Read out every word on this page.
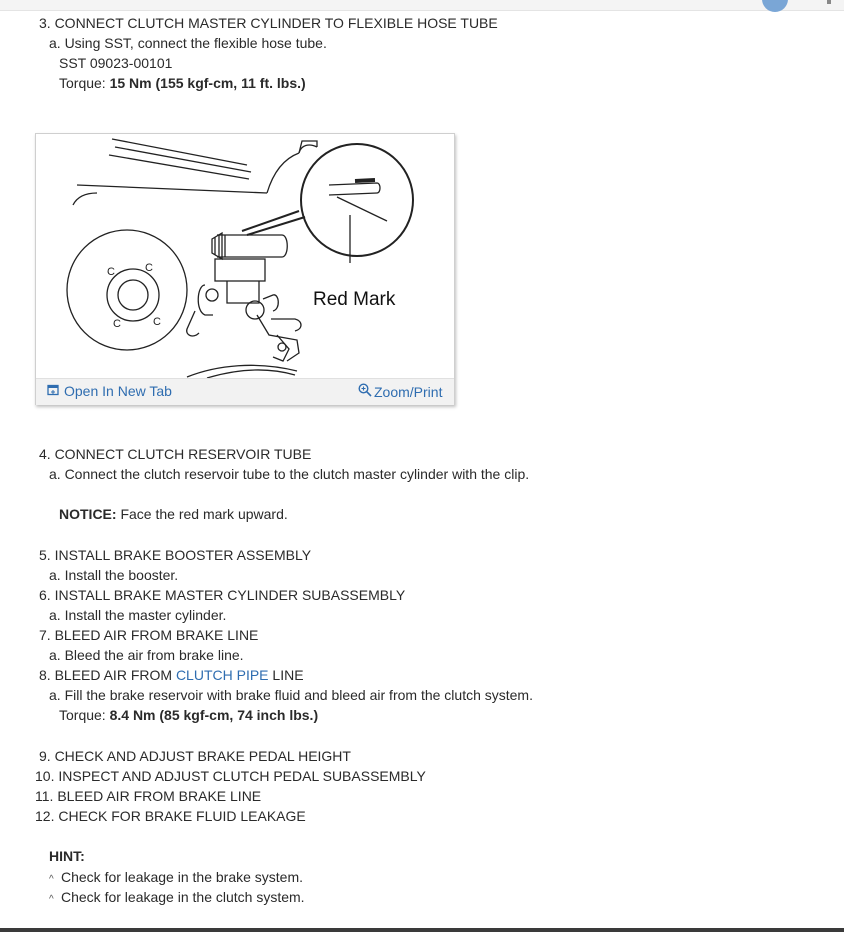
3. CONNECT CLUTCH MASTER CYLINDER TO FLEXIBLE HOSE TUBE
a. Using SST, connect the flexible hose tube.
SST 09023-00101
Torque: 15 Nm (155 kgf-cm, 11 ft. lbs.)
C	C
C
C
Red Mark
Open In New Tab	Zoom/Print
4. CONNECT CLUTCH RESERVOIR TUBE
a. Connect the clutch reservoir tube to the clutch master cylinder with the clip.
NOTICE: Face the red mark upward.
5. INSTALL BRAKE BOOSTER ASSEMBLY
a. Install the booster.
6. INSTALL BRAKE MASTER CYLINDER SUBASSEMBLY
a. Install the master cylinder.
7. BLEED AIR FROM BRAKE LINE
a. Bleed the air from brake line.
8. BLEED AIR FROM CLUTCH PIPE LINE
a. Fill the brake reservoir with brake fluid and bleed air from the clutch system.
Torque: 8.4 Nm (85 kgf-cm, 74 inch lbs.)
9. CHECK AND ADJUST BRAKE PEDAL HEIGHT
10. INSPECT AND ADJUST CLUTCH PEDAL SUBASSEMBLY
11. BLEED AIR FROM BRAKE LINE
12. CHECK FOR BRAKE FLUID LEAKAGE
HINT:
^ Check for leakage in the brake system.
^ Check for leakage in the clutch system.
